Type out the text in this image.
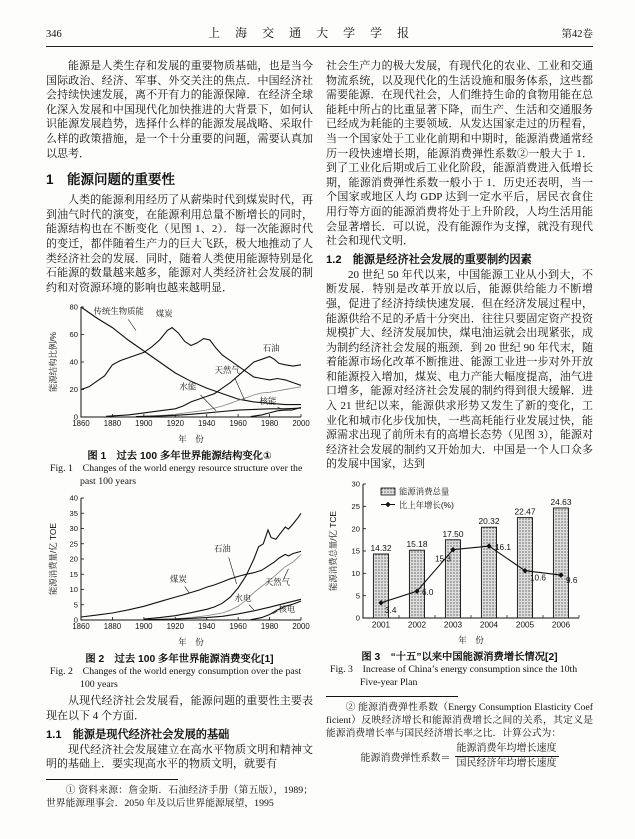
346	上 海 交 通 大 学 学 报	第42卷

能源是人类生存和发展的重要物质基础，也是当今国际政治、经济、军事、外交关注的焦点．中国经济社会持续快速发展，离不开有力的能源保障．在经济全球化深入发展和中国现代化加快推进的大背景下，如何认识能源发展趋势，选择什么样的能源发展战略、采取什么样的政策措施，是一个十分重要的问题，需要认真加以思考．

1　能源问题的重要性

人类的能源利用经历了从薪柴时代到煤炭时代，再到油气时代的演变，在能源利用总量不断增长的同时，能源结构也在不断变化（见图 1、2）．每一次能源时代的变迁，都伴随着生产力的巨大飞跃，极大地推动了人类经济社会的发展．同时，随着人类使用能源特别是化石能源的数量越来越多，能源对人类经济社会发展的制约和对资源环境的影响也越来越明显．

0
20
40
60
80
能源结构比例/%
年　份
1860 1880 1900 1920 1940 1960 1980 2000
传统生物质能 煤炭
石油
天然气
水能
核能
图 1　过去 100 多年世界能源结构变化①
Fig. 1　Changes of the world energy resource structure over the past 100 years
0
5
10
15
20
25
30
35
40
能源消费量/亿 TOE
年　份
1860 1880 1900 1920 1940 1960 1980 2000
煤炭
石油
天然气
水电
核电
图 2　过去 100 多年世界能源消费变化[1]
Fig. 2　Changes of the world energy consumption over the past 100 years

从现代经济社会发展看，能源问题的重要性主要表现在以下 4 个方面．

1.1　能源是现代经济社会发展的基础

现代经济社会发展建立在高水平物质文明和精神文明的基础上．要实现高水平的物质文明，就要有

① 资料来源：詹金斯．石油经济手册（第五版），1989；世界能源理事会．2050 年及以后世界能源展望，1995

社会生产力的极大发展，有现代化的农业、工业和交通物流系统，以及现代化的生活设施和服务体系，这些都需要能源．在现代社会，人们维持生命的食物用能在总能耗中所占的比重显著下降，而生产、生活和交通服务已经成为耗能的主要领域．从发达国家走过的历程看，当一个国家处于工业化前期和中期时，能源消费通常经历一段快速增长期，能源消费弹性系数②一般大于 1．到了工业化后期或后工业化阶段，能源消费进入低增长期，能源消费弹性系数一般小于 1．历史还表明，当一个国家或地区人均 GDP 达到一定水平后，居民衣食住用行等方面的能源消费将处于上升阶段，人均生活用能会显著增长．可以说，没有能源作为支撑，就没有现代社会和现代文明．

1.2　能源是经济社会发展的重要制约因素

20 世纪 50 年代以来，中国能源工业从小到大，不断发展．特别是改革开放以后，能源供给能力不断增强，促进了经济持续快速发展．但在经济发展过程中，能源供给不足的矛盾十分突出．往往只要固定资产投资规模扩大、经济发展加快，煤电油运就会出现紧张，成为制约经济社会发展的瓶颈．到 20 世纪 90 年代末，随着能源市场化改革不断推进、能源工业进一步对外开放和能源投入增加，煤炭、电力产能大幅度提高，油气进口增多，能源对经济社会发展的制约得到很大缓解．进入 21 世纪以来，能源供求形势又发生了新的变化，工业化和城市化步伐加快，一些高耗能行业发展过快，能源需求出现了前所未有的高增长态势（见图 3），能源对经济社会发展的制约又开始加大．中国是一个人口众多的发展中国家，达到

0
5
10
15
20
25
30
能源消费总量/亿 TCE
年　份
14.32
2001
15.18
2002
17.50
2003
20.32
2004
22.47
2005
24.63
2006
3.4
6.0
15.3
16.1
10.6 9.6
能源消费总量
比上年增长(%)
图 3　“十五”以来中国能源消费增长情况[2]
Fig. 3　Increase of China’s energy consumption since the 10th Five-year Plan

② 能源消费弹性系数（Energy Consumption Elasticity Coefficient）反映经济增长和能源消费增长之间的关系，其定义是能源消费增长率与国民经济增长率之比．计算公式为：

能源消费弹性系数＝ $\frac{\text{能源消费年均增长速度}}{\text{国民经济年均增长速度}}$
